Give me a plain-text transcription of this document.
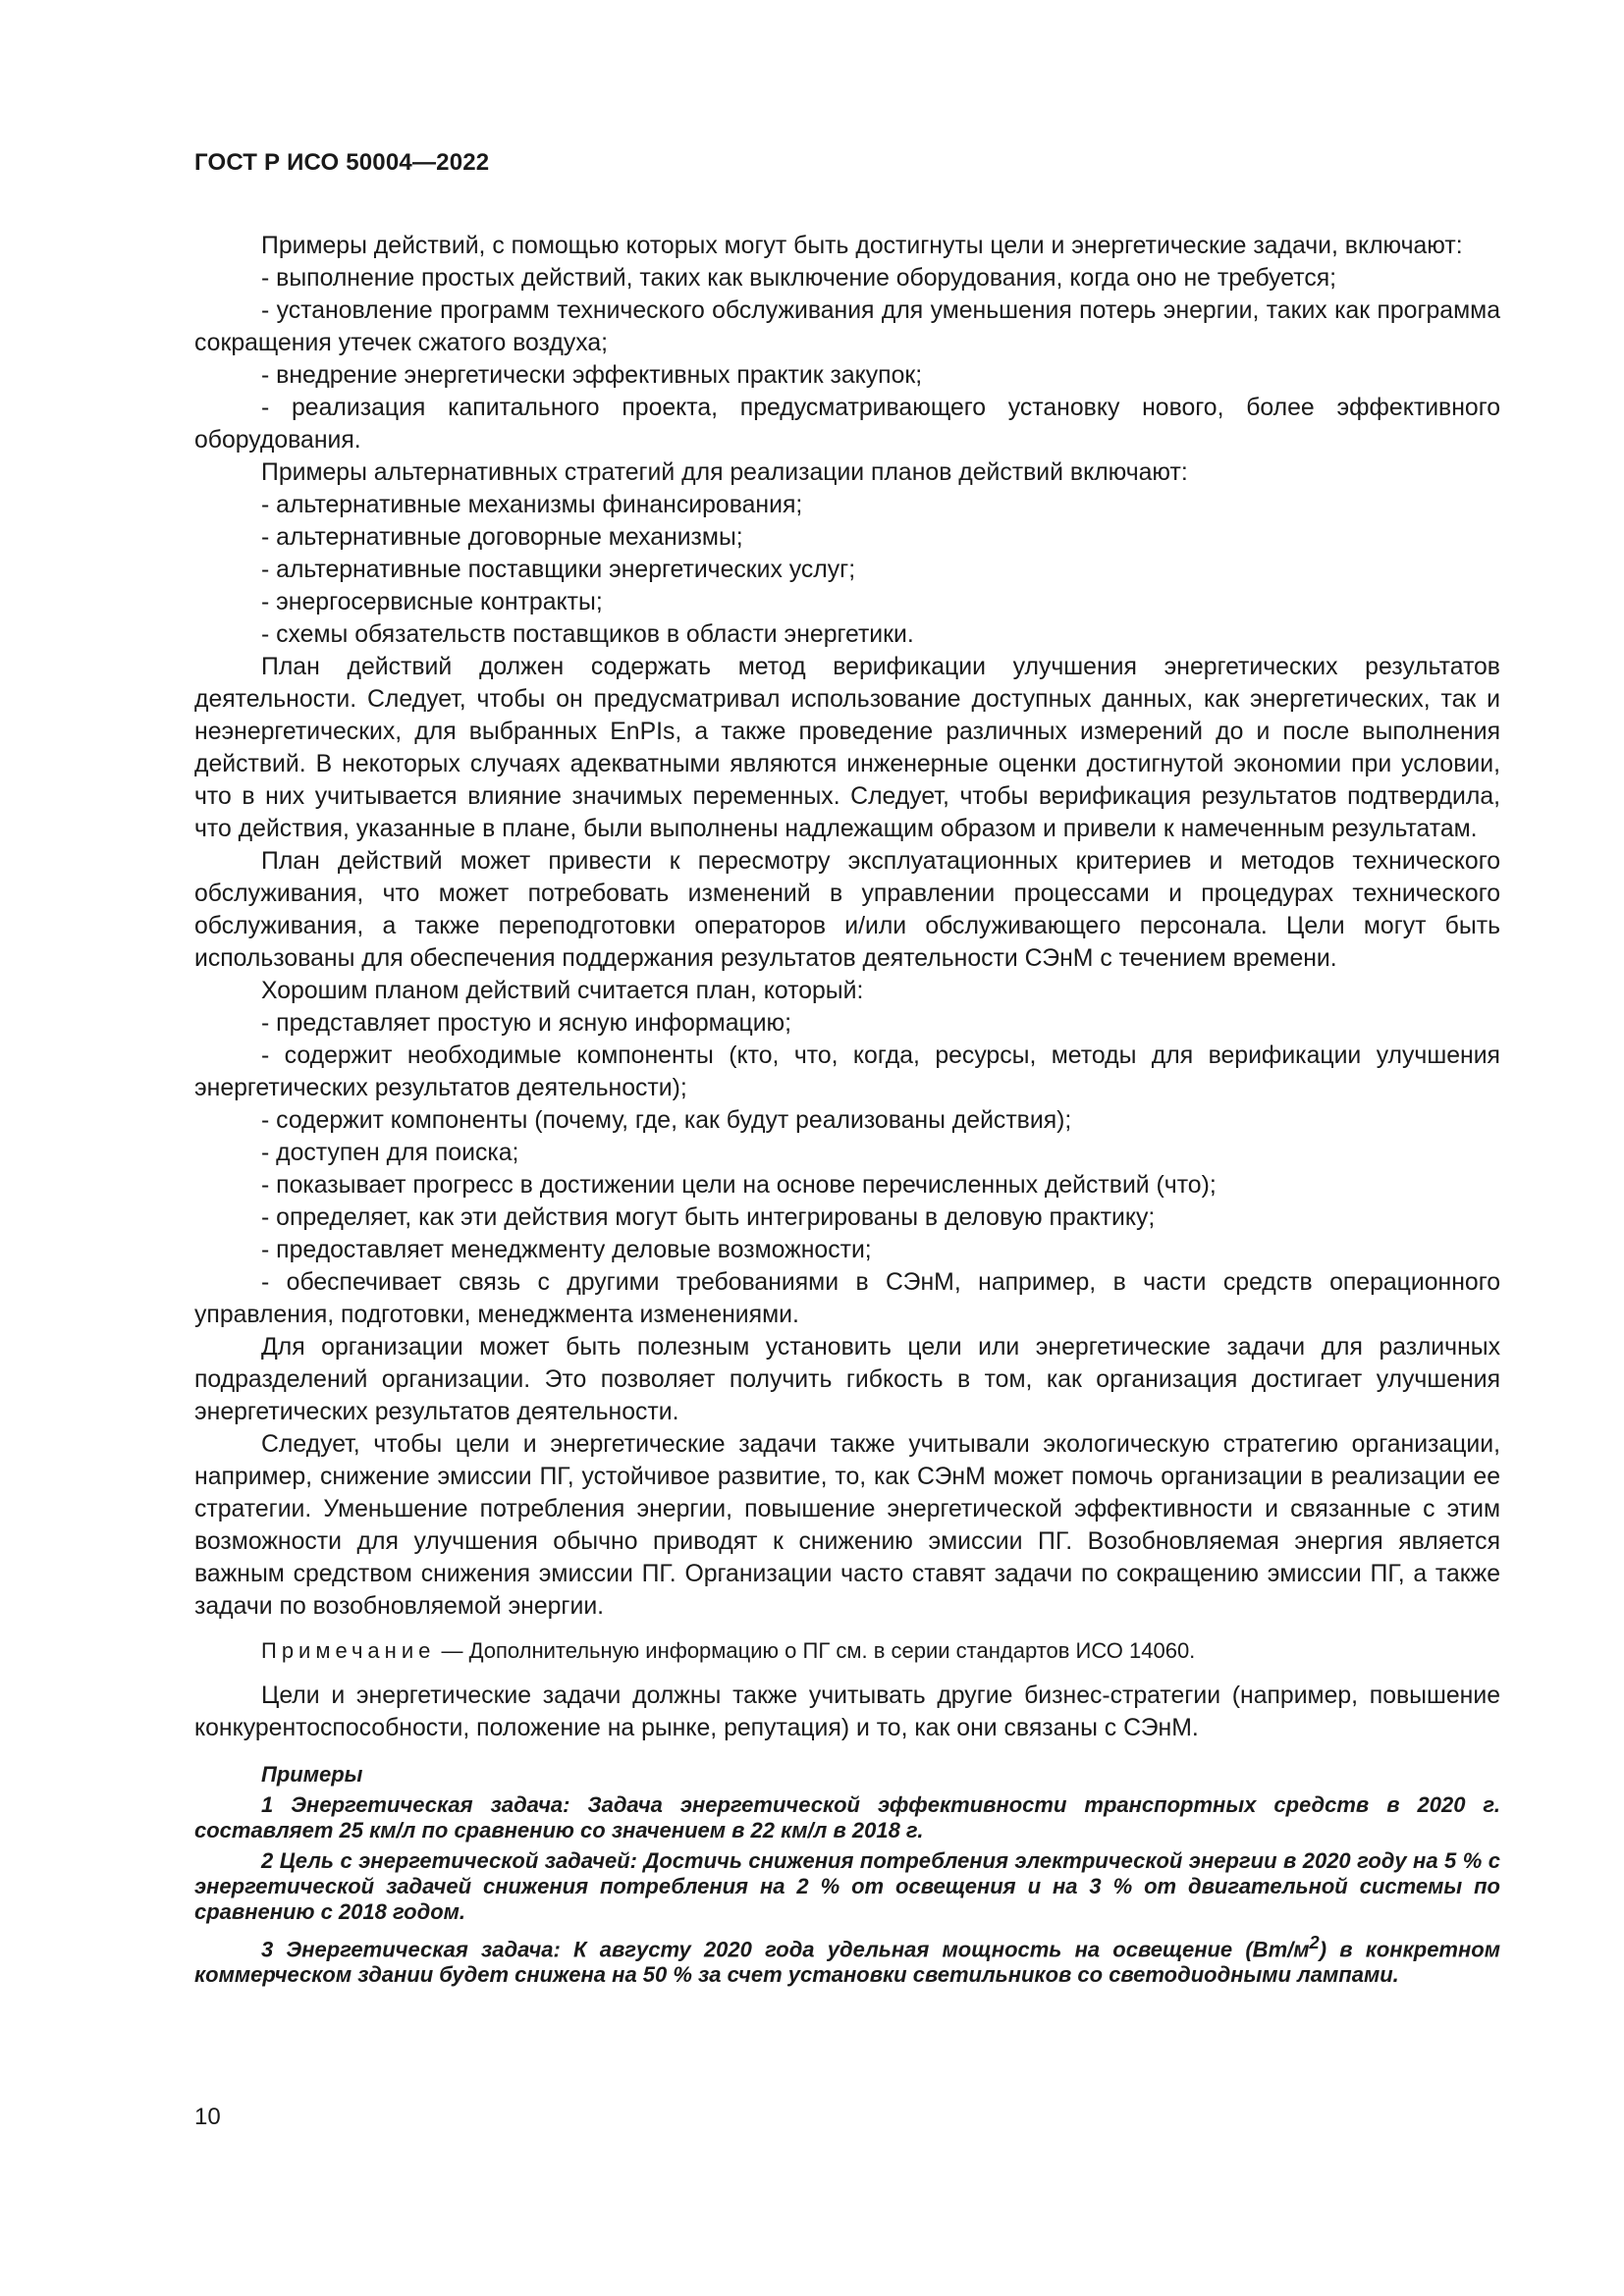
ГОСТ Р ИСО 50004—2022

Примеры действий, с помощью которых могут быть достигнуты цели и энергетические задачи, включают:

- выполнение простых действий, таких как выключение оборудования, когда оно не требуется;

- установление программ технического обслуживания для уменьшения потерь энергии, таких как программа сокращения утечек сжатого воздуха;

- внедрение энергетически эффективных практик закупок;

- реализация капитального проекта, предусматривающего установку нового, более эффективного оборудования.

Примеры альтернативных стратегий для реализации планов действий включают:

- альтернативные механизмы финансирования;

- альтернативные договорные механизмы;

- альтернативные поставщики энергетических услуг;

- энергосервисные контракты;

- схемы обязательств поставщиков в области энергетики.

План действий должен содержать метод верификации улучшения энергетических результатов деятельности. Следует, чтобы он предусматривал использование доступных данных, как энергетических, так и неэнергетических, для выбранных EnPIs, а также проведение различных измерений до и после выполнения действий. В некоторых случаях адекватными являются инженерные оценки достигнутой экономии при условии, что в них учитывается влияние значимых переменных. Следует, чтобы верификация результатов подтвердила, что действия, указанные в плане, были выполнены надлежащим образом и привели к намеченным результатам.

План действий может привести к пересмотру эксплуатационных критериев и методов технического обслуживания, что может потребовать изменений в управлении процессами и процедурах технического обслуживания, а также переподготовки операторов и/или обслуживающего персонала. Цели могут быть использованы для обеспечения поддержания результатов деятельности СЭнМ с течением времени.

Хорошим планом действий считается план, который:

- представляет простую и ясную информацию;

- содержит необходимые компоненты (кто, что, когда, ресурсы, методы для верификации улучшения энергетических результатов деятельности);

- содержит компоненты (почему, где, как будут реализованы действия);

- доступен для поиска;

- показывает прогресс в достижении цели на основе перечисленных действий (что);

- определяет, как эти действия могут быть интегрированы в деловую практику;

- предоставляет менеджменту деловые возможности;

- обеспечивает связь с другими требованиями в СЭнМ, например, в части средств операционного управления, подготовки, менеджмента изменениями.

Для организации может быть полезным установить цели или энергетические задачи для различных подразделений организации. Это позволяет получить гибкость в том, как организация достигает улучшения энергетических результатов деятельности.

Следует, чтобы цели и энергетические задачи также учитывали экологическую стратегию организации, например, снижение эмиссии ПГ, устойчивое развитие, то, как СЭнМ может помочь организации в реализации ее стратегии. Уменьшение потребления энергии, повышение энергетической эффективности и связанные с этим возможности для улучшения обычно приводят к снижению эмиссии ПГ. Возобновляемая энергия является важным средством снижения эмиссии ПГ. Организации часто ставят задачи по сокращению эмиссии ПГ, а также задачи по возобновляемой энергии.

Примечание — Дополнительную информацию о ПГ см. в серии стандартов ИСО 14060.

Цели и энергетические задачи должны также учитывать другие бизнес-стратегии (например, повышение конкурентоспособности, положение на рынке, репутация) и то, как они связаны с СЭнМ.

Примеры

1 Энергетическая задача: Задача энергетической эффективности транспортных средств в 2020 г. составляет 25 км/л по сравнению со значением в 22 км/л в 2018 г.

2 Цель с энергетической задачей: Достичь снижения потребления электрической энергии в 2020 году на 5 % с энергетической задачей снижения потребления на 2 % от освещения и на 3 % от двигательной системы по сравнению с 2018 годом.

3 Энергетическая задача: К августу 2020 года удельная мощность на освещение $(Вт/м^2)$ в конкретном коммерческом здании будет снижена на 50 % за счет установки светильников со светодиодными лампами.

10
